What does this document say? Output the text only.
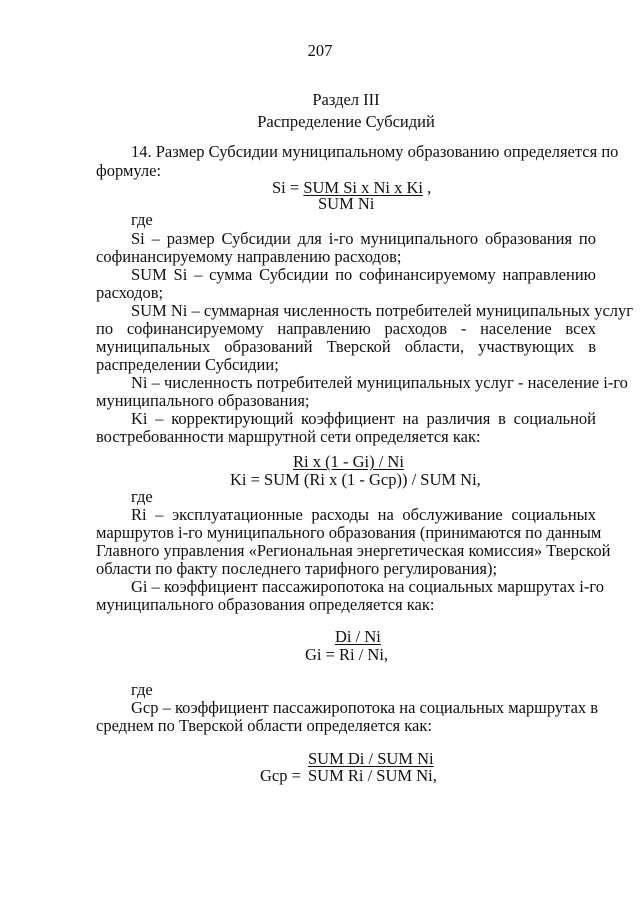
207
Раздел III
Распределение Субсидий
14. Размер Субсидии муниципальному образованию определяется по
формуле:
Si = SUM Si x Ni x Ki ,
SUM Ni
где
Si – размер Субсидии для i-го муниципального образования по
софинансируемому направлению расходов;
SUM Si – сумма Субсидии по софинансируемому направлению
расходов;
SUM Ni – суммарная численность потребителей муниципальных услуг
по софинансируемому направлению расходов - население всех
муниципальных образований Тверской области, участвующих в
распределении Субсидии;
Ni – численность потребителей муниципальных услуг - население i-го
муниципального образования;
Ki – корректирующий коэффициент на различия в социальной
востребованности маршрутной сети определяется как:
Ri x (1 - Gi) / Ni
Ki = SUM (Ri x (1 - Gср)) / SUM Ni,
где
Ri – эксплуатационные расходы на обслуживание социальных
маршрутов i-го муниципального образования (принимаются по данным
Главного управления «Региональная энергетическая комиссия» Тверской
области по факту последнего тарифного регулирования);
Gi – коэффициент пассажиропотока на социальных маршрутах i-го
муниципального образования определяется как:
Di / Ni
Gi = Ri / Ni,
где
Gср – коэффициент пассажиропотока на социальных маршрутах в
среднем по Тверской области определяется как:
SUM Di / SUM Ni
Gср = SUM Ri / SUM Ni,
